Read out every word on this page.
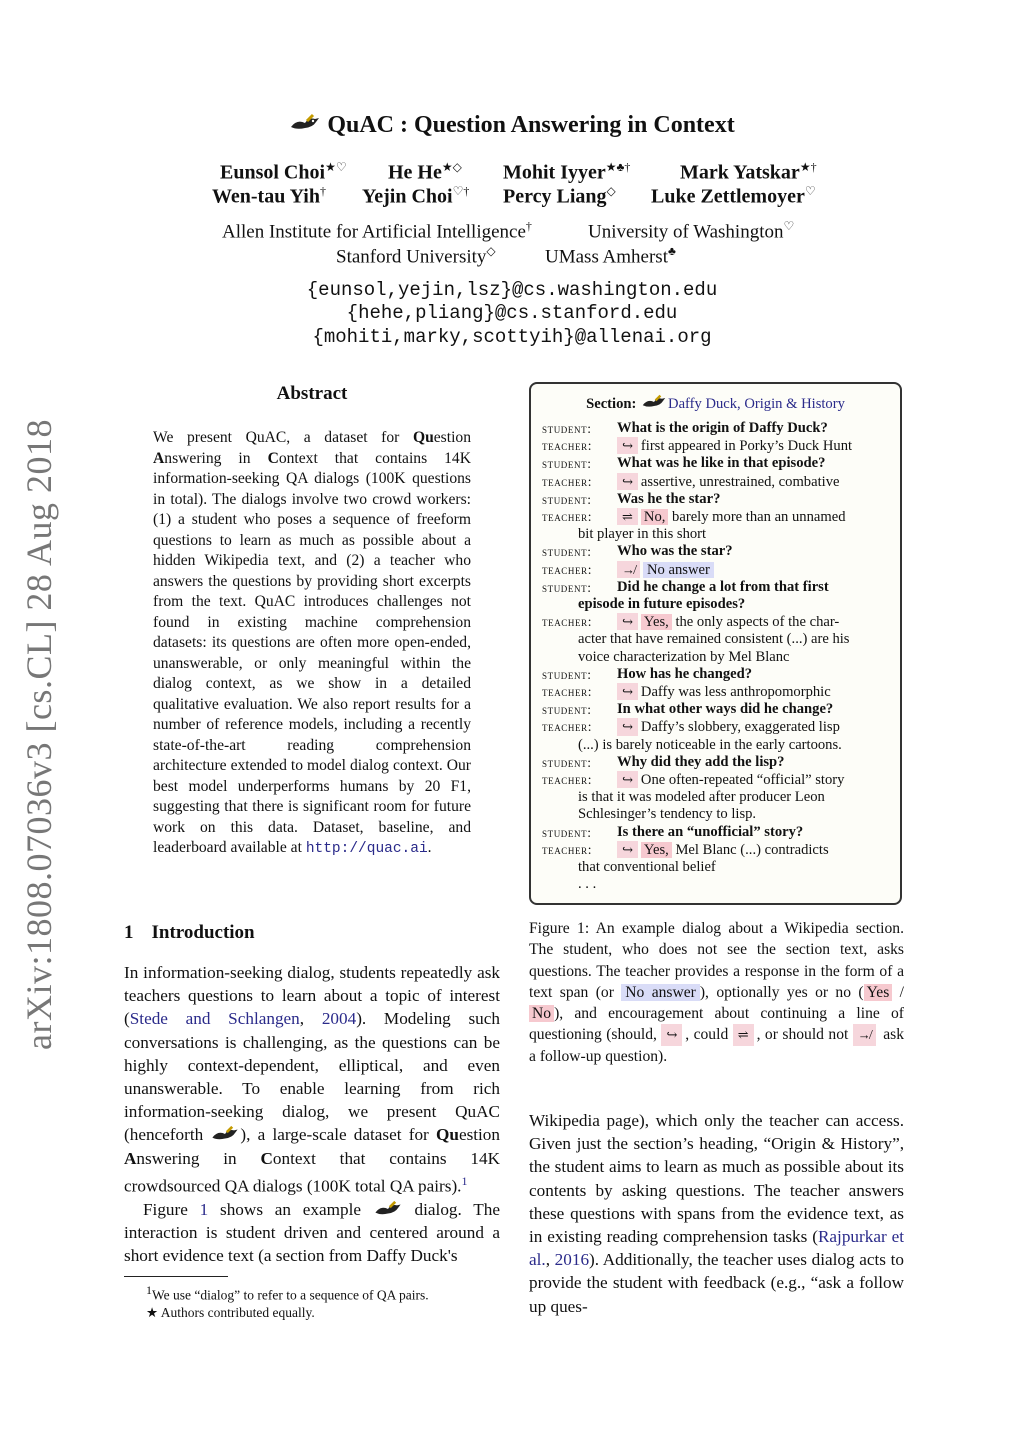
QuAC : Question Answering in Context
Eunsol Choi★♡ He He★◇ Mohit Iyyer★♣† Mark Yatskar★†
Wen-tau Yih† Yejin Choi♡† Percy Liang◇ Luke Zettlemoyer♡
Allen Institute for Artificial Intelligence†	University of Washington♡
Stanford University◇	UMass Amherst♣
{eunsol,yejin,lsz}@cs.washington.edu
{hehe,pliang}@cs.stanford.edu
{mohiti,marky,scottyih}@allenai.org
arXiv:1808.07036v3 [cs.CL] 28 Aug 2018
Abstract
We present QuAC, a dataset for Question Answering in Context that contains 14K information-seeking QA dialogs (100K questions in total). The dialogs involve two crowd workers: (1) a student who poses a sequence of freeform questions to learn as much as possible about a hidden Wikipedia text, and (2) a teacher who answers the questions by providing short excerpts from the text. QuAC introduces challenges not found in existing machine comprehension datasets: its questions are often more open-ended, unanswerable, or only meaningful within the dialog context, as we show in a detailed qualitative evaluation. We also report results for a number of reference models, including a recently state-of-the-art reading comprehension architecture extended to model dialog context. Our best model underperforms humans by 20 F1, suggesting that there is significant room for future work on this data. Dataset, baseline, and leaderboard available at http://quac.ai.
1 Introduction

In information-seeking dialog, students repeatedly ask teachers questions to learn about a topic of interest (Stede and Schlangen, 2004). Modeling such conversations is challenging, as the questions can be highly context-dependent, elliptical, and even unanswerable. To enable learning from rich information-seeking dialog, we present QuAC (henceforth ), a large-scale dataset for Question Answering in Context that contains 14K crowdsourced QA dialogs (100K total QA pairs).$^1$

Figure 1 shows an example  dialog. The interaction is student driven and centered around a short evidence text (a section from Daffy Duck's

$^1$We use “dialog” to refer to a sequence of QA pairs.
★ Authors contributed equally.
Section: Daffy Duck, Origin & History
student:	What is the origin of Daffy Duck?
teacher:	↪ first appeared in Porky’s Duck Hunt
student:	What was he like in that episode?
teacher:	↪ assertive, unrestrained, combative
student:	Was he the star?
teacher:	⇌ No, barely more than an unnamed
bit player in this short
student:	Who was the star?
teacher:	↛ No answer
student:	Did he change a lot from that first
episode in future episodes?
teacher:	↪ Yes, the only aspects of the char-
acter that have remained consistent (...) are his
voice characterization by Mel Blanc
student:	How has he changed?
teacher:	↪ Daffy was less anthropomorphic
student:	In what other ways did he change?
teacher:	↪ Daffy’s slobbery, exaggerated lisp
(...) is barely noticeable in the early cartoons.
student:	Why did they add the lisp?
teacher:	↪ One often-repeated “official” story
is that it was modeled after producer Leon
Schlesinger’s tendency to lisp.
student:	Is there an “unofficial” story?
teacher:	↪ Yes, Mel Blanc (...) contradicts
that conventional belief
. . .
Figure 1: An example dialog about a Wikipedia section. The student, who does not see the section text, asks questions. The teacher provides a response in the form of a text span (or No answer ), optionally yes or no ( Yes / No ), and encouragement about continuing a line of questioning (should, ↪ , could ⇌ , or should not ↛ ask a follow-up question).
Wikipedia page), which only the teacher can access. Given just the section’s heading, “Origin & History”, the student aims to learn as much as possible about its contents by asking questions. The teacher answers these questions with spans from the evidence text, as in existing reading comprehension tasks (Rajpurkar et al., 2016). Additionally, the teacher uses dialog acts to provide the student with feedback (e.g., “ask a follow up ques-
